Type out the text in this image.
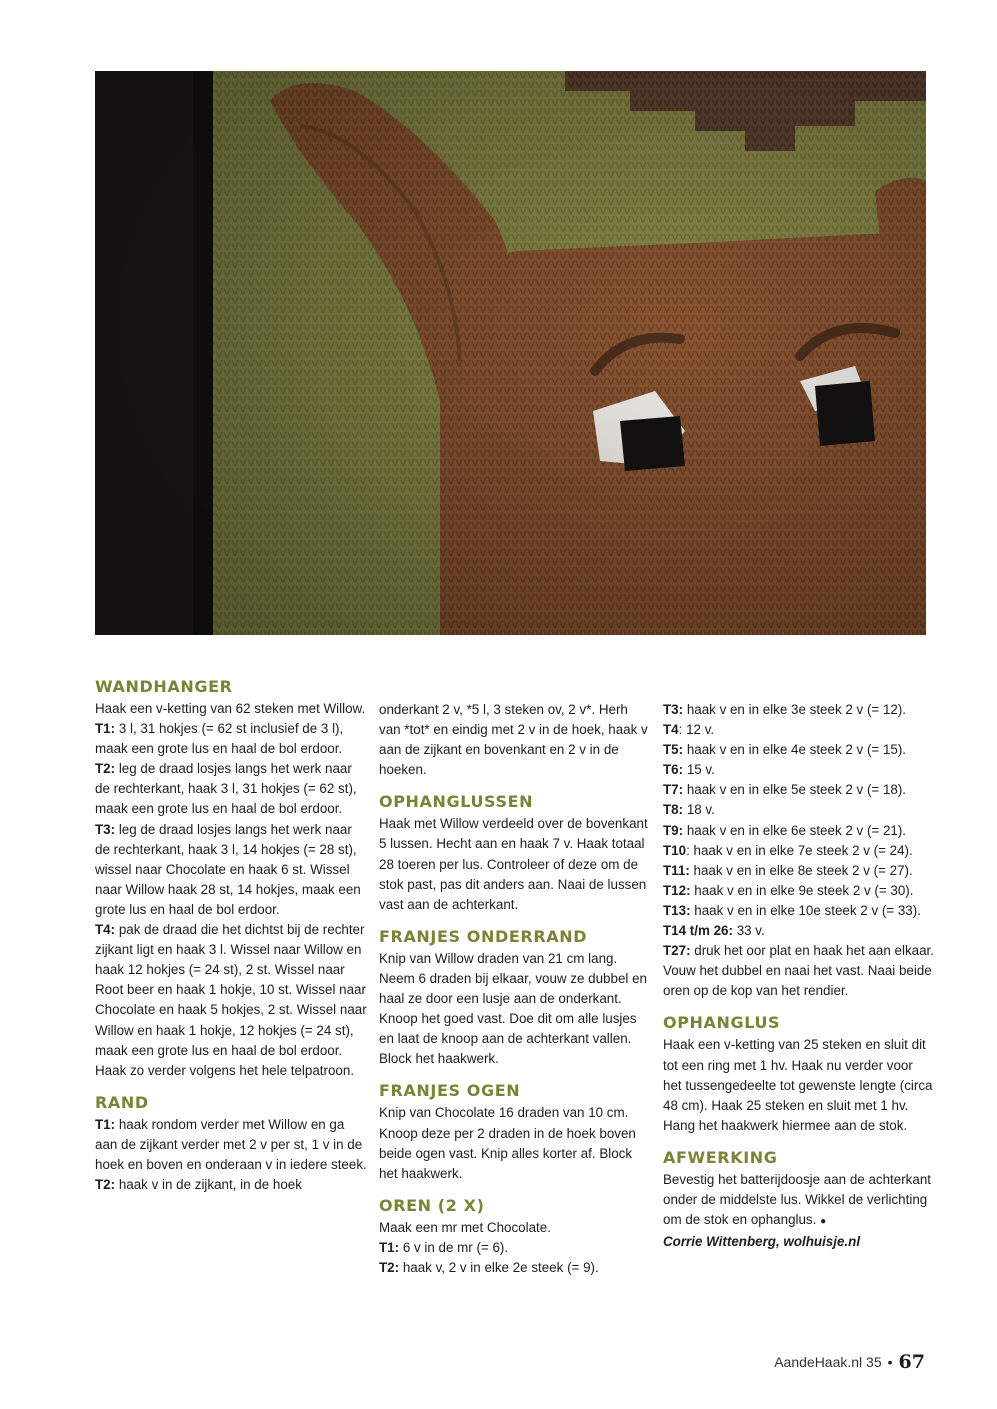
WANDHANGER

Haak een v-ketting van 62 steken met Willow.

T1: 3 l, 31 hokjes (= 62 st inclusief de 3 l), maak een grote lus en haal de bol erdoor.

T2: leg de draad losjes langs het werk naar de rechterkant, haak 3 l, 31 hokjes (= 62 st), maak een grote lus en haal de bol erdoor.

T3: leg de draad losjes langs het werk naar de rechterkant, haak 3 l, 14 hokjes (= 28 st), wissel naar Chocolate en haak 6 st. Wissel naar Willow haak 28 st, 14 hokjes, maak een grote lus en haal de bol erdoor.

T4: pak de draad die het dichtst bij de rechter zijkant ligt en haak 3 l. Wissel naar Willow en haak 12 hokjes (= 24 st), 2 st. Wissel naar Root beer en haak 1 hokje, 10 st. Wissel naar Chocolate en haak 5 hokjes, 2 st. Wissel naar Willow en haak 1 hokje, 12 hokjes (= 24 st), maak een grote lus en haal de bol erdoor. Haak zo verder volgens het hele telpatroon.

RAND

T1: haak rondom verder met Willow en ga aan de zijkant verder met 2 v per st, 1 v in de hoek en boven en onderaan v in iedere steek.

T2: haak v in de zijkant, in de hoek

onderkant 2 v, *5 l, 3 steken ov, 2 v*. Herh van *tot* en eindig met 2 v in de hoek, haak v aan de zijkant en bovenkant en 2 v in de hoeken.

OPHANGLUSSEN

Haak met Willow verdeeld over de bovenkant 5 lussen. Hecht aan en haak 7 v. Haak totaal 28 toeren per lus. Controleer of deze om de stok past, pas dit anders aan. Naai de lussen vast aan de achterkant.

FRANJES ONDERRAND

Knip van Willow draden van 21 cm lang. Neem 6 draden bij elkaar, vouw ze dubbel en haal ze door een lusje aan de onderkant. Knoop het goed vast. Doe dit om alle lusjes en laat de knoop aan de achterkant vallen. Block het haakwerk.

FRANJES OGEN

Knip van Chocolate 16 draden van 10 cm. Knoop deze per 2 draden in de hoek boven beide ogen vast. Knip alles korter af. Block het haakwerk.

OREN (2 X)

Maak een mr met Chocolate.

T1: 6 v in de mr (= 6).

T2: haak v, 2 v in elke 2e steek (= 9).

T3: haak v en in elke 3e steek 2 v (= 12).

T4: 12 v.

T5: haak v en in elke 4e steek 2 v (= 15).

T6: 15 v.

T7: haak v en in elke 5e steek 2 v (= 18).

T8: 18 v.

T9: haak v en in elke 6e steek 2 v (= 21).

T10: haak v en in elke 7e steek 2 v (= 24).

T11: haak v en in elke 8e steek 2 v (= 27).

T12: haak v en in elke 9e steek 2 v (= 30).

T13: haak v en in elke 10e steek 2 v (= 33).

T14 t/m 26: 33 v.

T27: druk het oor plat en haak het aan elkaar. Vouw het dubbel en naai het vast. Naai beide oren op de kop van het rendier.

OPHANGLUS

Haak een v-ketting van 25 steken en sluit dit tot een ring met 1 hv. Haak nu verder voor het tussengedeelte tot gewenste lengte (circa 48 cm). Haak 25 steken en sluit met 1 hv. Hang het haakwerk hiermee aan de stok.

AFWERKING

Bevestig het batterijdoosje aan de achterkant onder de middelste lus. Wikkel de verlichting om de stok en ophanglus. ●

Corrie Wittenberg, wolhuisje.nl

AandeHaak.nl 35 • 67
